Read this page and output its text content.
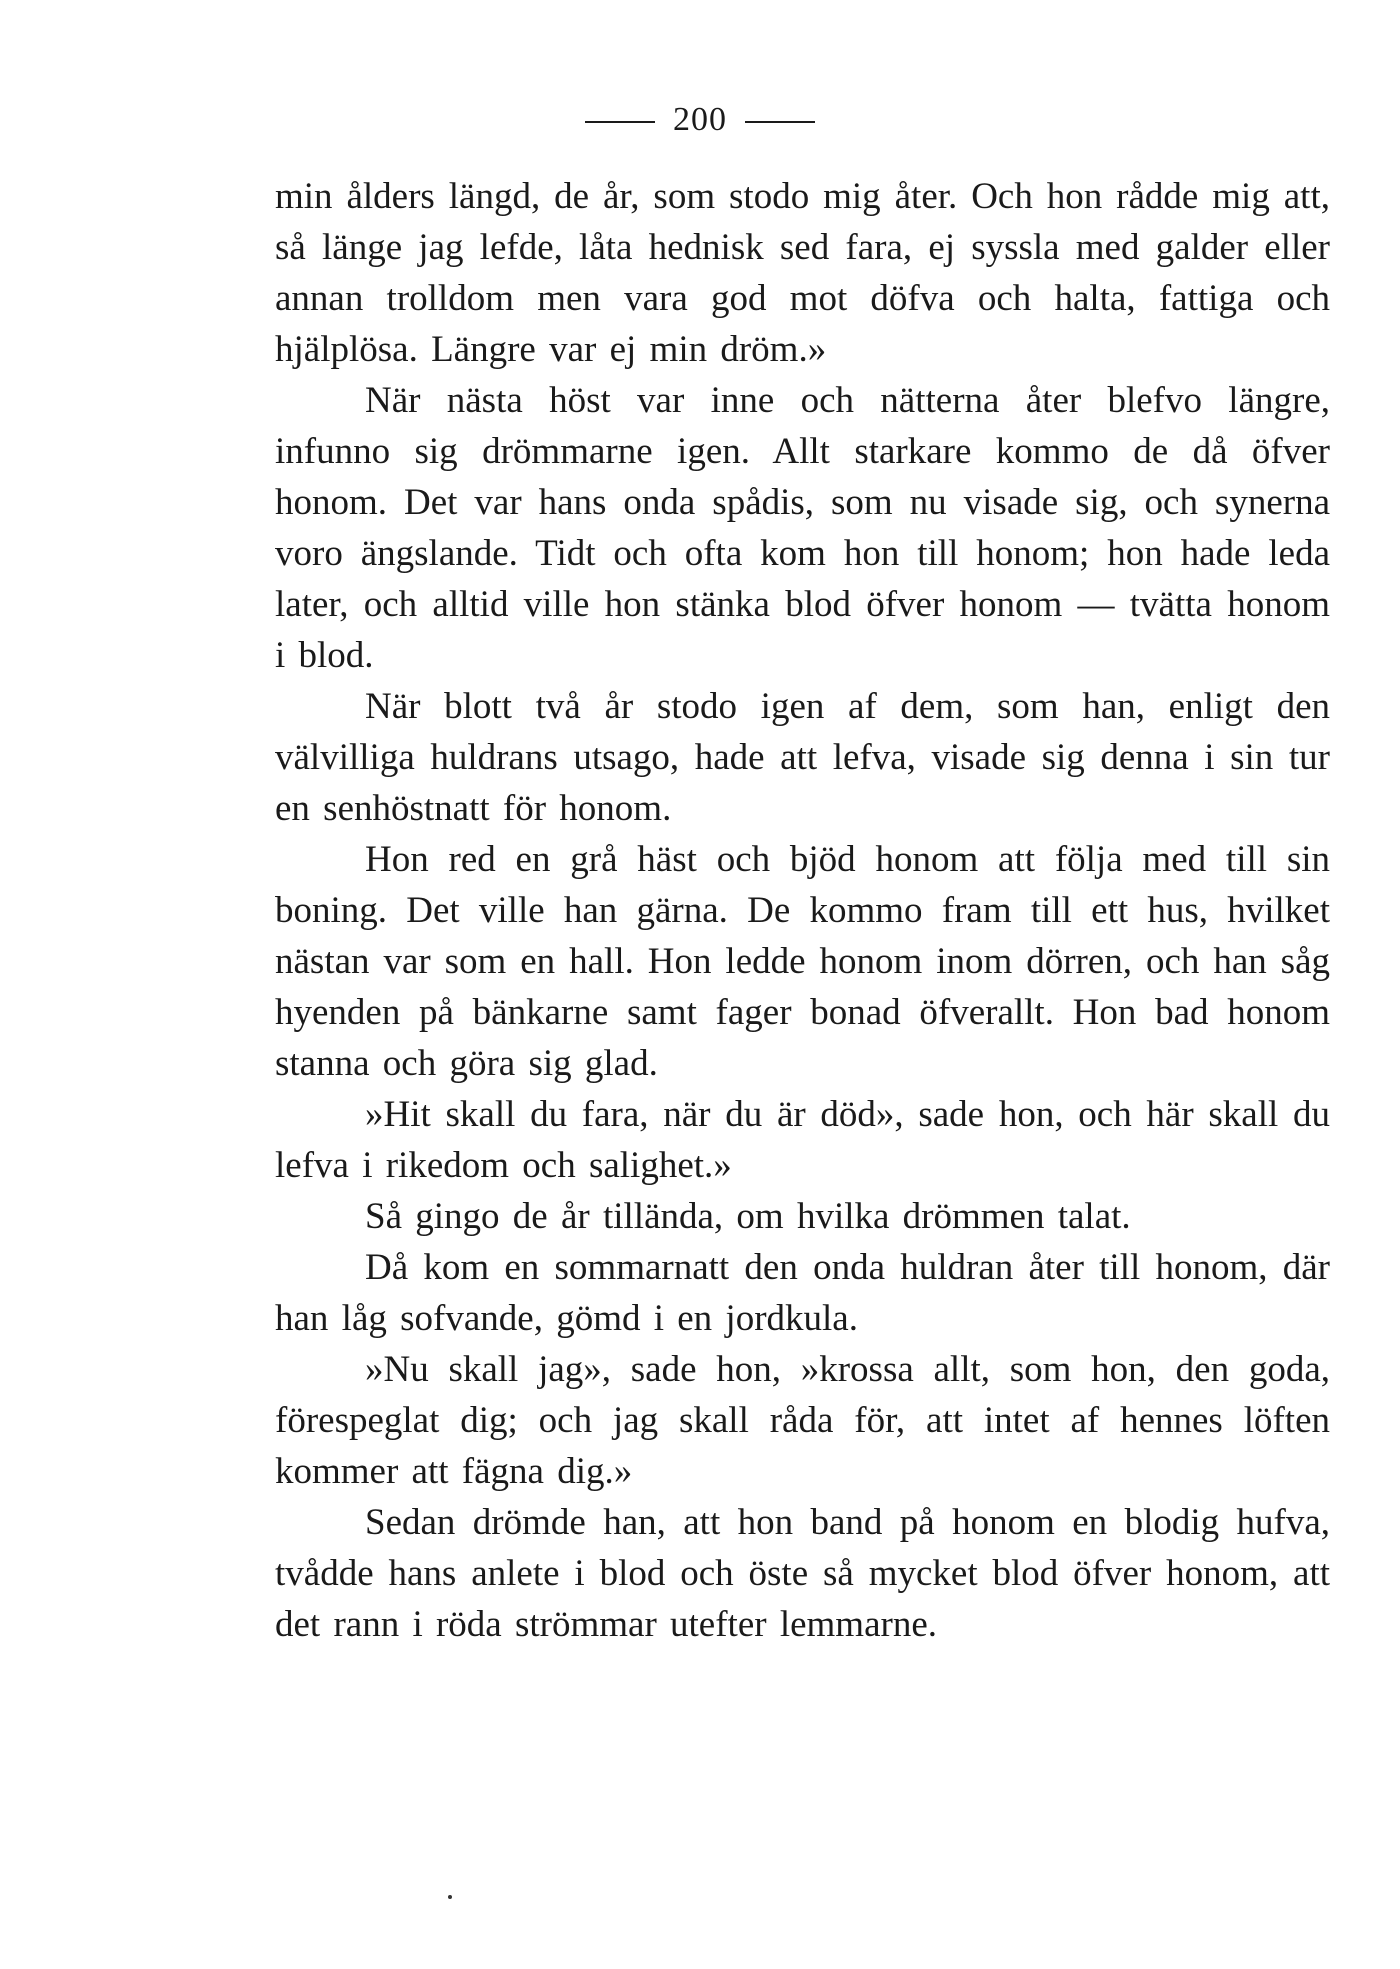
200

min ålders längd, de år, som stodo mig åter. Och hon rådde mig att, så länge jag lefde, låta hednisk sed fara, ej syssla med galder eller annan trolldom men vara god mot döfva och halta, fattiga och hjälplösa. Längre var ej min dröm.»

När nästa höst var inne och nätterna åter blefvo längre, infunno sig drömmarne igen. Allt starkare kommo de då öfver honom. Det var hans onda spådis, som nu visade sig, och synerna voro ängslande. Tidt och ofta kom hon till honom; hon hade leda later, och alltid ville hon stänka blod öfver honom — tvätta honom i blod.

När blott två år stodo igen af dem, som han, enligt den välvilliga huldrans utsago, hade att lefva, visade sig denna i sin tur en senhöstnatt för honom.

Hon red en grå häst och bjöd honom att följa med till sin boning. Det ville han gärna. De kommo fram till ett hus, hvilket nästan var som en hall. Hon ledde honom inom dörren, och han såg hyenden på bänkarne samt fager bonad öfverallt. Hon bad honom stanna och göra sig glad.

»Hit skall du fara, när du är död», sade hon, och här skall du lefva i rikedom och salighet.»

Så gingo de år tillända, om hvilka drömmen talat.

Då kom en sommarnatt den onda huldran åter till honom, där han låg sofvande, gömd i en jordkula.

»Nu skall jag», sade hon, »krossa allt, som hon, den goda, förespeglat dig; och jag skall råda för, att intet af hennes löften kommer att fägna dig.»

Sedan drömde han, att hon band på honom en blodig hufva, tvådde hans anlete i blod och öste så mycket blod öfver honom, att det rann i röda strömmar utefter lemmarne.
